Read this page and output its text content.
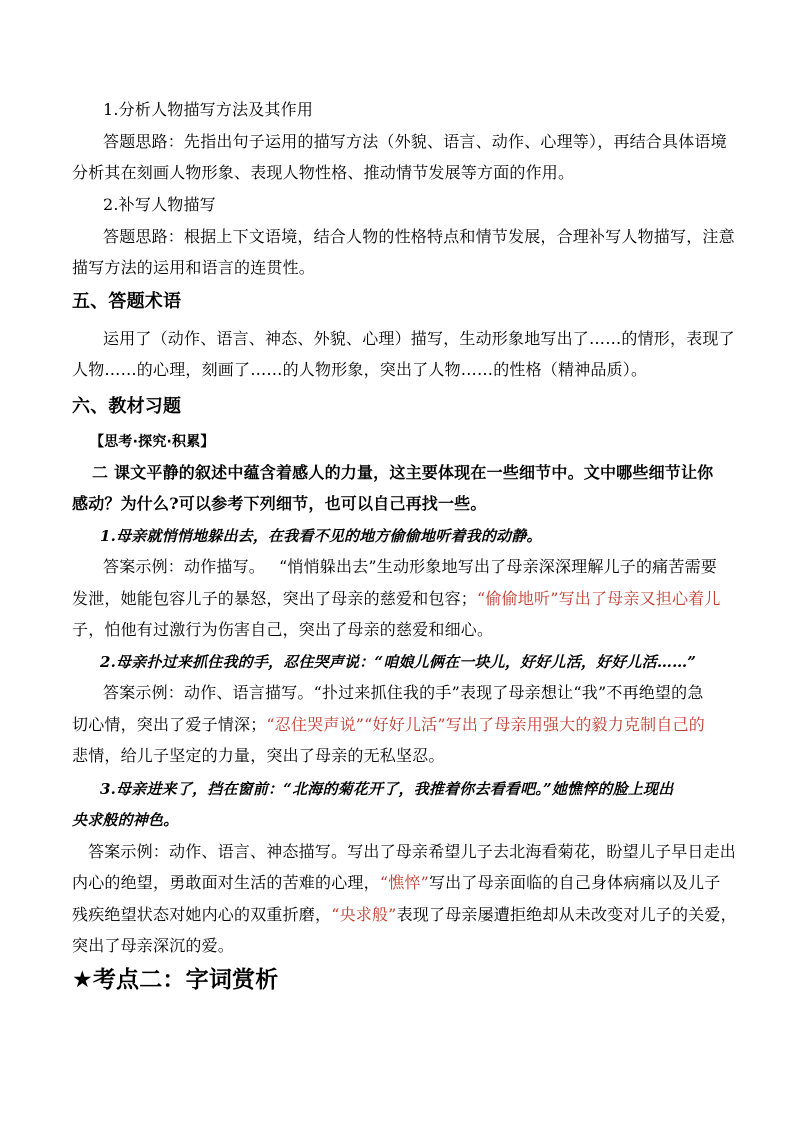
1.分析人物描写方法及其作用
答题思路：先指出句子运用的描写方法（外貌、语言、动作、心理等），再结合具体语境
分析其在刻画人物形象、表现人物性格、推动情节发展等方面的作用。
2.补写人物描写
答题思路：根据上下文语境，结合人物的性格特点和情节发展，合理补写人物描写，注意
描写方法的运用和语言的连贯性。
五、答题术语
运用了（动作、语言、神态、外貌、心理）描写，生动形象地写出了……的情形，表现了
人物……的心理，刻画了……的人物形象，突出了人物……的性格（精神品质）。
六、教材习题
【思考·探究·积累】
二 课文平静的叙述中蕴含着感人的力量，这主要体现在一些细节中。文中哪些细节让你
感动？为什么?可以参考下列细节，也可以自己再找一些。
1.母亲就悄悄地躲出去，在我看不见的地方偷偷地听着我的动静。
答案示例：动作描写。 “悄悄躲出去”生动形象地写出了母亲深深理解儿子的痛苦需要
发泄，她能包容儿子的暴怒，突出了母亲的慈爱和包容；“偷偷地听”写出了母亲又担心着儿
子，怕他有过激行为伤害自己，突出了母亲的慈爱和细心。
2.母亲扑过来抓住我的手，忍住哭声说：“咱娘儿俩在一块儿，好好儿活，好好儿活……”
答案示例：动作、语言描写。“扑过来抓住我的手”表现了母亲想让“我”不再绝望的急
切心情，突出了爱子情深；“忍住哭声说”“好好儿活”写出了母亲用强大的毅力克制自己的
悲情，给儿子坚定的力量，突出了母亲的无私坚忍。
3.母亲进来了，挡在窗前：“北海的菊花开了，我推着你去看看吧。”她憔悴的脸上现出
央求般的神色。
答案示例：动作、语言、神态描写。写出了母亲希望儿子去北海看菊花，盼望儿子早日走出
内心的绝望，勇敢面对生活的苦难的心理，“憔悴”写出了母亲面临的自己身体病痛以及儿子
残疾绝望状态对她内心的双重折磨，“央求般”表现了母亲屡遭拒绝却从未改变对儿子的关爱，
突出了母亲深沉的爱。
★考点二：字词赏析
